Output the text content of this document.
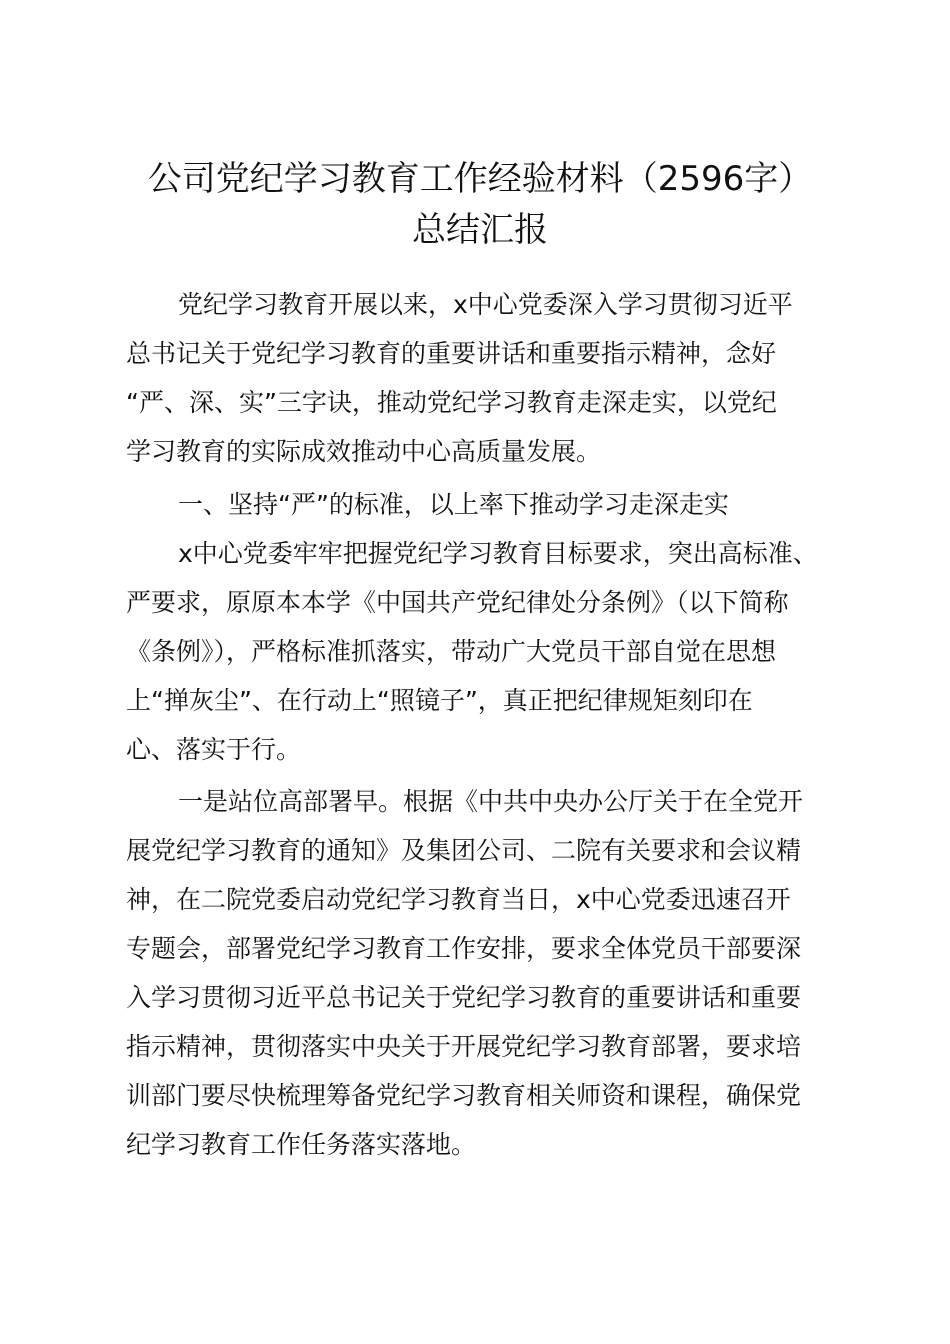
公司党纪学习教育工作经验材料（2596字）
总结汇报
党纪学习教育开展以来，x中心党委深入学习贯彻习近平
总书记关于党纪学习教育的重要讲话和重要指示精神，念好
“严、深、实”三字诀，推动党纪学习教育走深走实，以党纪
学习教育的实际成效推动中心高质量发展。
一、坚持“严”的标准，以上率下推动学习走深走实
x中心党委牢牢把握党纪学习教育目标要求，突出高标准、
严要求，原原本本学《中国共产党纪律处分条例》（以下简称
《条例》），严格标准抓落实，带动广大党员干部自觉在思想
上“掸灰尘”、在行动上“照镜子”，真正把纪律规矩刻印在
心、落实于行。
一是站位高部署早。根据《中共中央办公厅关于在全党开
展党纪学习教育的通知》及集团公司、二院有关要求和会议精
神，在二院党委启动党纪学习教育当日，x中心党委迅速召开
专题会，部署党纪学习教育工作安排，要求全体党员干部要深
入学习贯彻习近平总书记关于党纪学习教育的重要讲话和重要
指示精神，贯彻落实中央关于开展党纪学习教育部署，要求培
训部门要尽快梳理筹备党纪学习教育相关师资和课程，确保党
纪学习教育工作任务落实落地。
